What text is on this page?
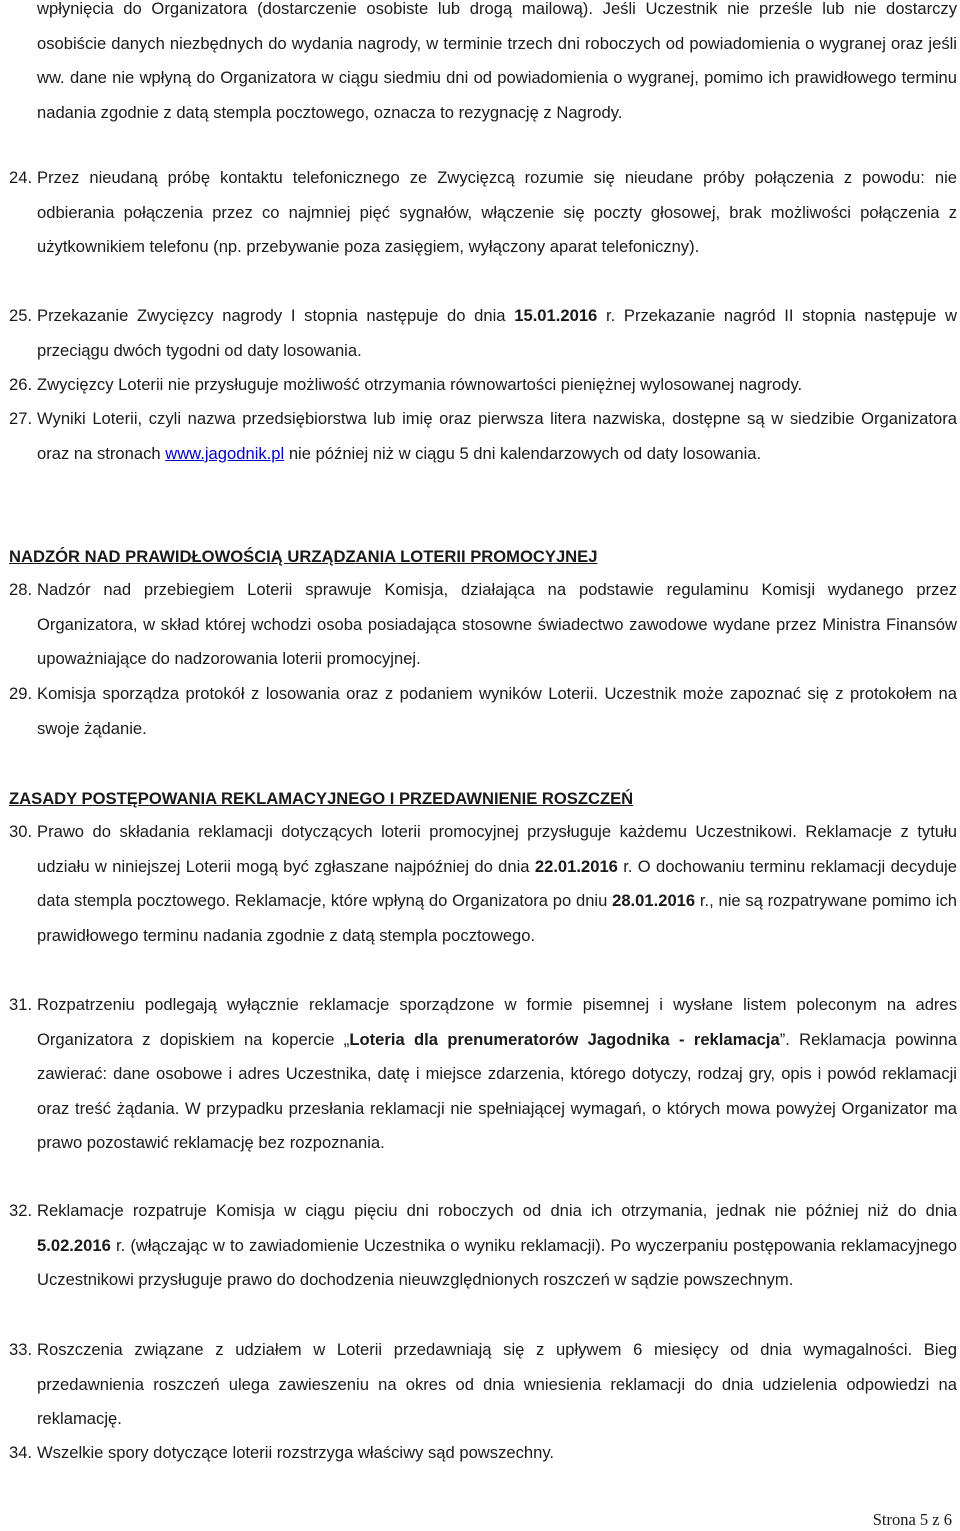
wpłynięcia do Organizatora (dostarczenie osobiste lub drogą mailową). Jeśli Uczestnik nie prześle lub nie dostarczy osobiście danych niezbędnych do wydania nagrody, w terminie trzech dni roboczych od powiadomienia o wygranej oraz jeśli ww. dane nie wpłyną do Organizatora w ciągu siedmiu dni od powiadomienia o wygranej, pomimo ich prawidłowego terminu nadania zgodnie z datą stempla pocztowego, oznacza to rezygnację z Nagrody.

24. Przez nieudaną próbę kontaktu telefonicznego ze Zwycięzcą rozumie się nieudane próby połączenia z powodu: nie odbierania połączenia przez co najmniej pięć sygnałów, włączenie się poczty głosowej, brak możliwości połączenia z użytkownikiem telefonu (np. przebywanie poza zasięgiem, wyłączony aparat telefoniczny).
25. Przekazanie Zwycięzcy nagrody I stopnia następuje do dnia 15.01.2016 r. Przekazanie nagród II stopnia następuje w przeciągu dwóch tygodni od daty losowania.
26. Zwycięzcy Loterii nie przysługuje możliwość otrzymania równowartości pieniężnej wylosowanej nagrody.
27. Wyniki Loterii, czyli nazwa przedsiębiorstwa lub imię oraz pierwsza litera nazwiska, dostępne są w siedzibie Organizatora oraz na stronach www.jagodnik.pl nie później niż w ciągu 5 dni kalendarzowych od daty losowania.
NADZÓR NAD PRAWIDŁOWOŚCIĄ URZĄDZANIA LOTERII PROMOCYJNEJ
28. Nadzór nad przebiegiem Loterii sprawuje Komisja, działająca na podstawie regulaminu Komisji wydanego przez Organizatora, w skład której wchodzi osoba posiadająca stosowne świadectwo zawodowe wydane przez Ministra Finansów upoważniające do nadzorowania loterii promocyjnej.
29. Komisja sporządza protokół z losowania oraz z podaniem wyników Loterii. Uczestnik może zapoznać się z protokołem na swoje żądanie.
ZASADY POSTĘPOWANIA REKLAMACYJNEGO I PRZEDAWNIENIE ROSZCZEŃ
30. Prawo do składania reklamacji dotyczących loterii promocyjnej przysługuje każdemu Uczestnikowi. Reklamacje z tytułu udziału w niniejszej Loterii mogą być zgłaszane najpóźniej do dnia 22.01.2016 r. O dochowaniu terminu reklamacji decyduje data stempla pocztowego. Reklamacje, które wpłyną do Organizatora po dniu 28.01.2016 r., nie są rozpatrywane pomimo ich prawidłowego terminu nadania zgodnie z datą stempla pocztowego.
31. Rozpatrzeniu podlegają wyłącznie reklamacje sporządzone w formie pisemnej i wysłane listem poleconym na adres Organizatora z dopiskiem na kopercie „Loteria dla prenumeratorów Jagodnika - reklamacja”. Reklamacja powinna zawierać: dane osobowe i adres Uczestnika, datę i miejsce zdarzenia, którego dotyczy, rodzaj gry, opis i powód reklamacji oraz treść żądania. W przypadku przesłania reklamacji nie spełniającej wymagań, o których mowa powyżej Organizator ma prawo pozostawić reklamację bez rozpoznania.
32. Reklamacje rozpatruje Komisja w ciągu pięciu dni roboczych od dnia ich otrzymania, jednak nie później niż do dnia 5.02.2016 r. (włączając w to zawiadomienie Uczestnika o wyniku reklamacji). Po wyczerpaniu postępowania reklamacyjnego Uczestnikowi przysługuje prawo do dochodzenia nieuwzględnionych roszczeń w sądzie powszechnym.
33. Roszczenia związane z udziałem w Loterii przedawniają się z upływem 6 miesięcy od dnia wymagalności. Bieg przedawnienia roszczeń ulega zawieszeniu na okres od dnia wniesienia reklamacji do dnia udzielenia odpowiedzi na reklamację.
34. Wszelkie spory dotyczące loterii rozstrzyga właściwy sąd powszechny.
Strona 5 z 6
